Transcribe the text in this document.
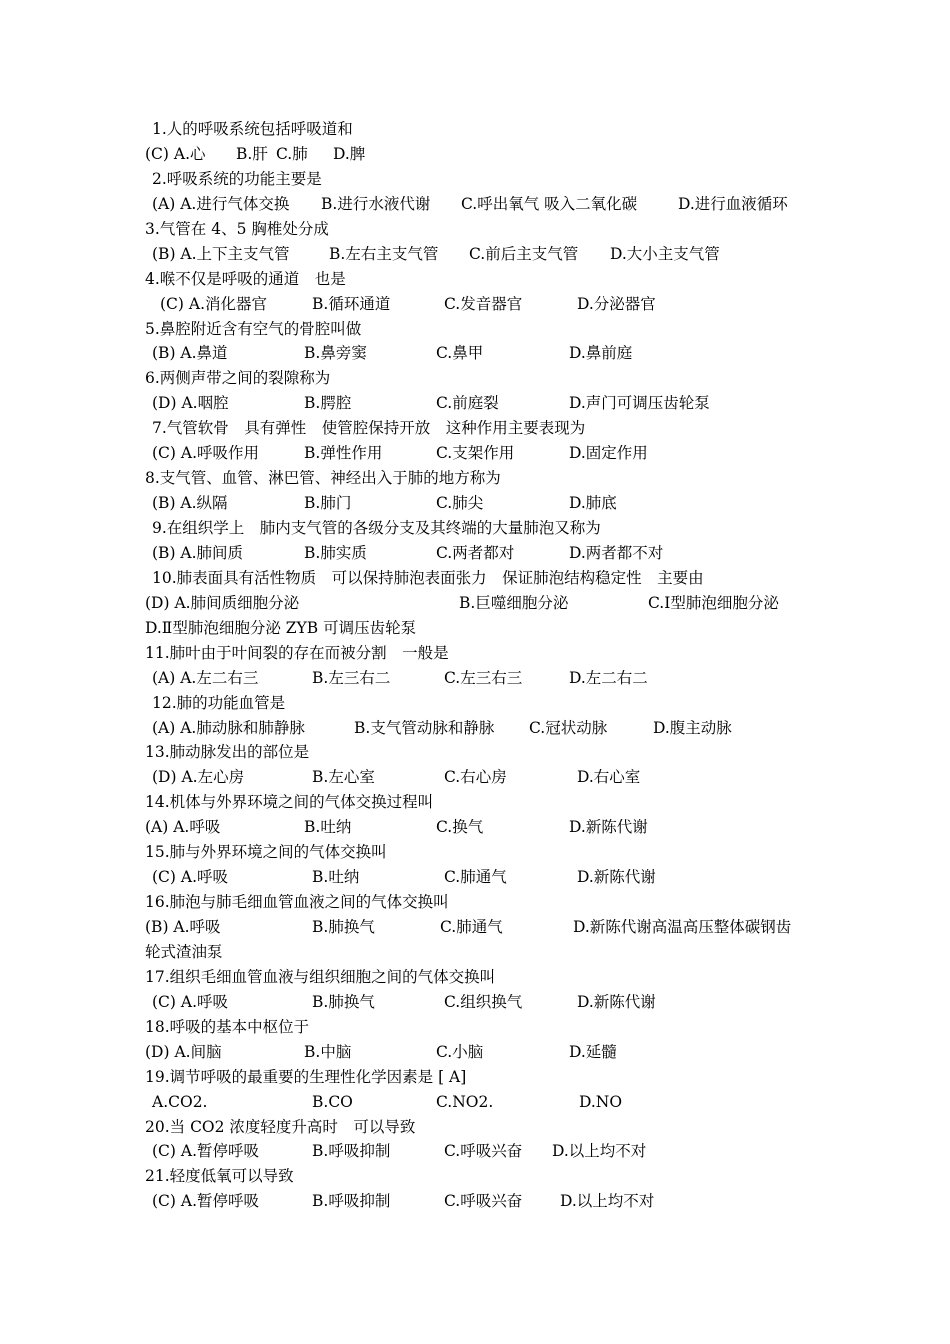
1.人的呼吸系统包括呼吸道和
(C) A.心 B.肝 C.肺 D.脾
2.呼吸系统的功能主要是
(A) A.进行气体交换 B.进行水液代谢 C.呼出氧气 吸入二氧化碳	D.进行血液循环
3.气管在 4、5 胸椎处分成
(B) A.上下主支气管	B.左右主支气管 C.前后主支气管 D.大小主支气管
4.喉不仅是呼吸的通道　也是
(C) A.消化器官	B.循环通道	C.发音器官	D.分泌器官
5.鼻腔附近含有空气的骨腔叫做
(B) A.鼻道	B.鼻旁窦	C.鼻甲	D.鼻前庭
6.两侧声带之间的裂隙称为
(D) A.咽腔	B.腭腔	C.前庭裂	D.声门可调压齿轮泵
7.气管软骨　具有弹性　使管腔保持开放　这种作用主要表现为
(C) A.呼吸作用	B.弹性作用	C.支架作用	D.固定作用
8.支气管、血管、淋巴管、神经出入于肺的地方称为
(B) A.纵隔	B.肺门	C.肺尖	D.肺底
9.在组织学上　肺内支气管的各级分支及其终端的大量肺泡又称为
(B) A.肺间质	B.肺实质	C.两者都对	D.两者都不对
10.肺表面具有活性物质　可以保持肺泡表面张力　保证肺泡结构稳定性　主要由
(D) A.肺间质细胞分泌	B.巨噬细胞分泌	C.Ⅰ型肺泡细胞分泌
D.Ⅱ型肺泡细胞分泌 ZYB 可调压齿轮泵
11.肺叶由于叶间裂的存在而被分割　一般是
(A) A.左二右三	B.左三右二	C.左三右三	D.左二右二
12.肺的功能血管是
(A) A.肺动脉和肺静脉	B.支气管动脉和静脉 C.冠状动脉	D.腹主动脉
13.肺动脉发出的部位是
(D) A.左心房	B.左心室	C.右心房	D.右心室
14.机体与外界环境之间的气体交换过程叫
(A) A.呼吸	B.吐纳	C.换气	D.新陈代谢
15.肺与外界环境之间的气体交换叫
(C) A.呼吸	B.吐纳	C.肺通气	D.新陈代谢
16.肺泡与肺毛细血管血液之间的气体交换叫
(B) A.呼吸	B.肺换气	C.肺通气	D.新陈代谢高温高压整体碳钢齿
轮式渣油泵
17.组织毛细血管血液与组织细胞之间的气体交换叫
(C) A.呼吸	B.肺换气	C.组织换气	D.新陈代谢
18.呼吸的基本中枢位于
(D) A.间脑	B.中脑	C.小脑	D.延髓
19.调节呼吸的最重要的生理性化学因素是 [ A]
A.CO2.	B.CO	C.NO2.	D.NO
20.当 CO2 浓度轻度升高时　可以导致
(C) A.暂停呼吸	B.呼吸抑制	C.呼吸兴奋 D.以上均不对
21.轻度低氧可以导致
(C) A.暂停呼吸	B.呼吸抑制	C.呼吸兴奋 D.以上均不对
